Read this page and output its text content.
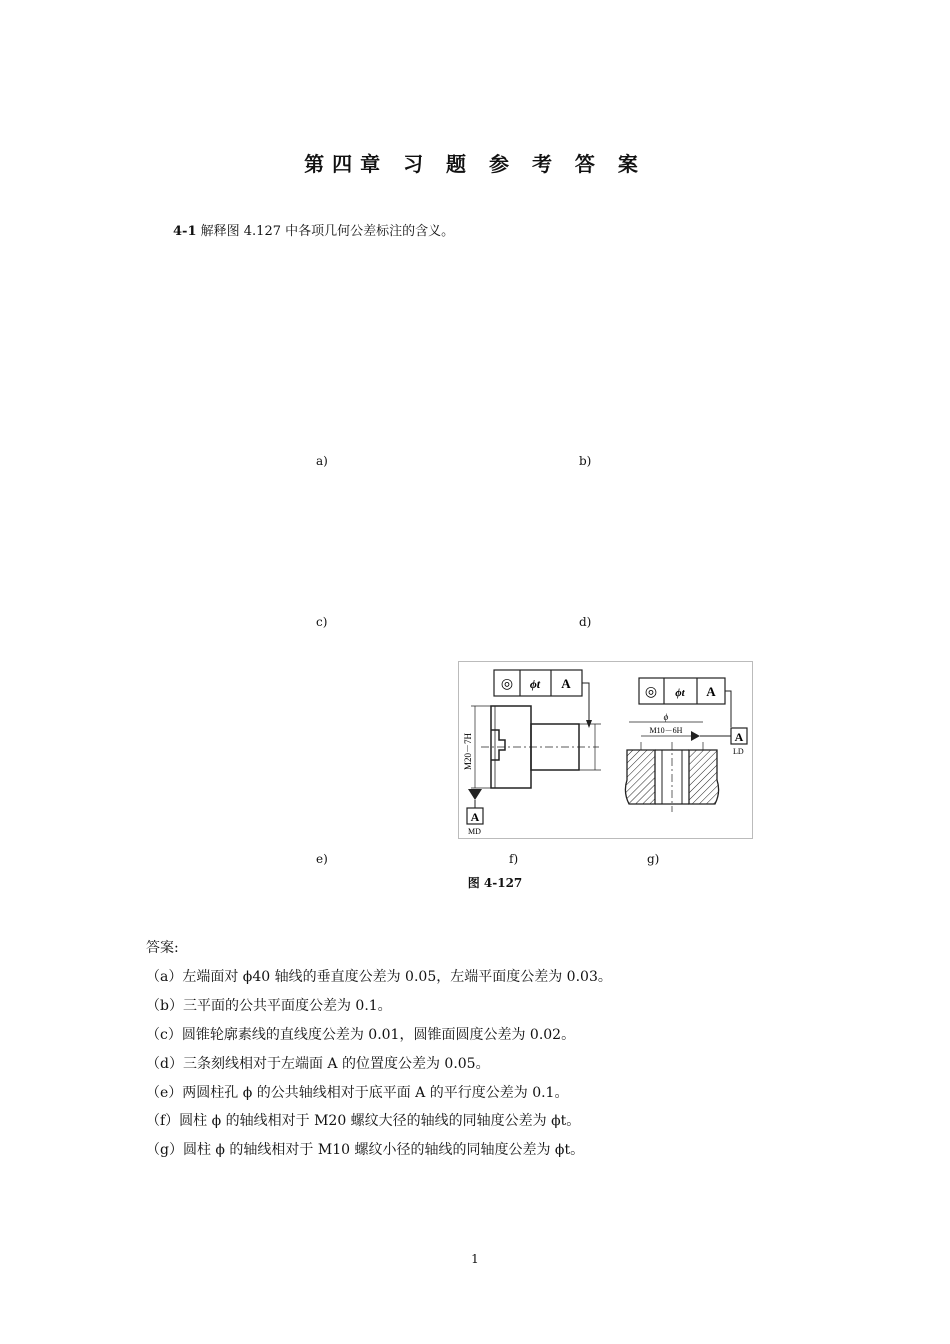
第四章 习 题 参 考 答 案
4-1 解释图 4.127 中各项几何公差标注的含义。
a)	b)
c)	d)
◎ ϕt A
M20－7H
A
MD
◎ ϕt A
ϕ
M10－6H	A
LD
e)	f)	g)
图 4-127
答案:
（a）左端面对 ϕ40 轴线的垂直度公差为 0.05，左端平面度公差为 0.03。
（b）三平面的公共平面度公差为 0.1。
（c）圆锥轮廓素线的直线度公差为 0.01，圆锥面圆度公差为 0.02。
（d）三条刻线相对于左端面 A 的位置度公差为 0.05。
（e）两圆柱孔 ϕ 的公共轴线相对于底平面 A 的平行度公差为 0.1。
（f）圆柱 ϕ 的轴线相对于 M20 螺纹大径的轴线的同轴度公差为 ϕt。
（g）圆柱 ϕ 的轴线相对于 M10 螺纹小径的轴线的同轴度公差为 ϕt。
1
